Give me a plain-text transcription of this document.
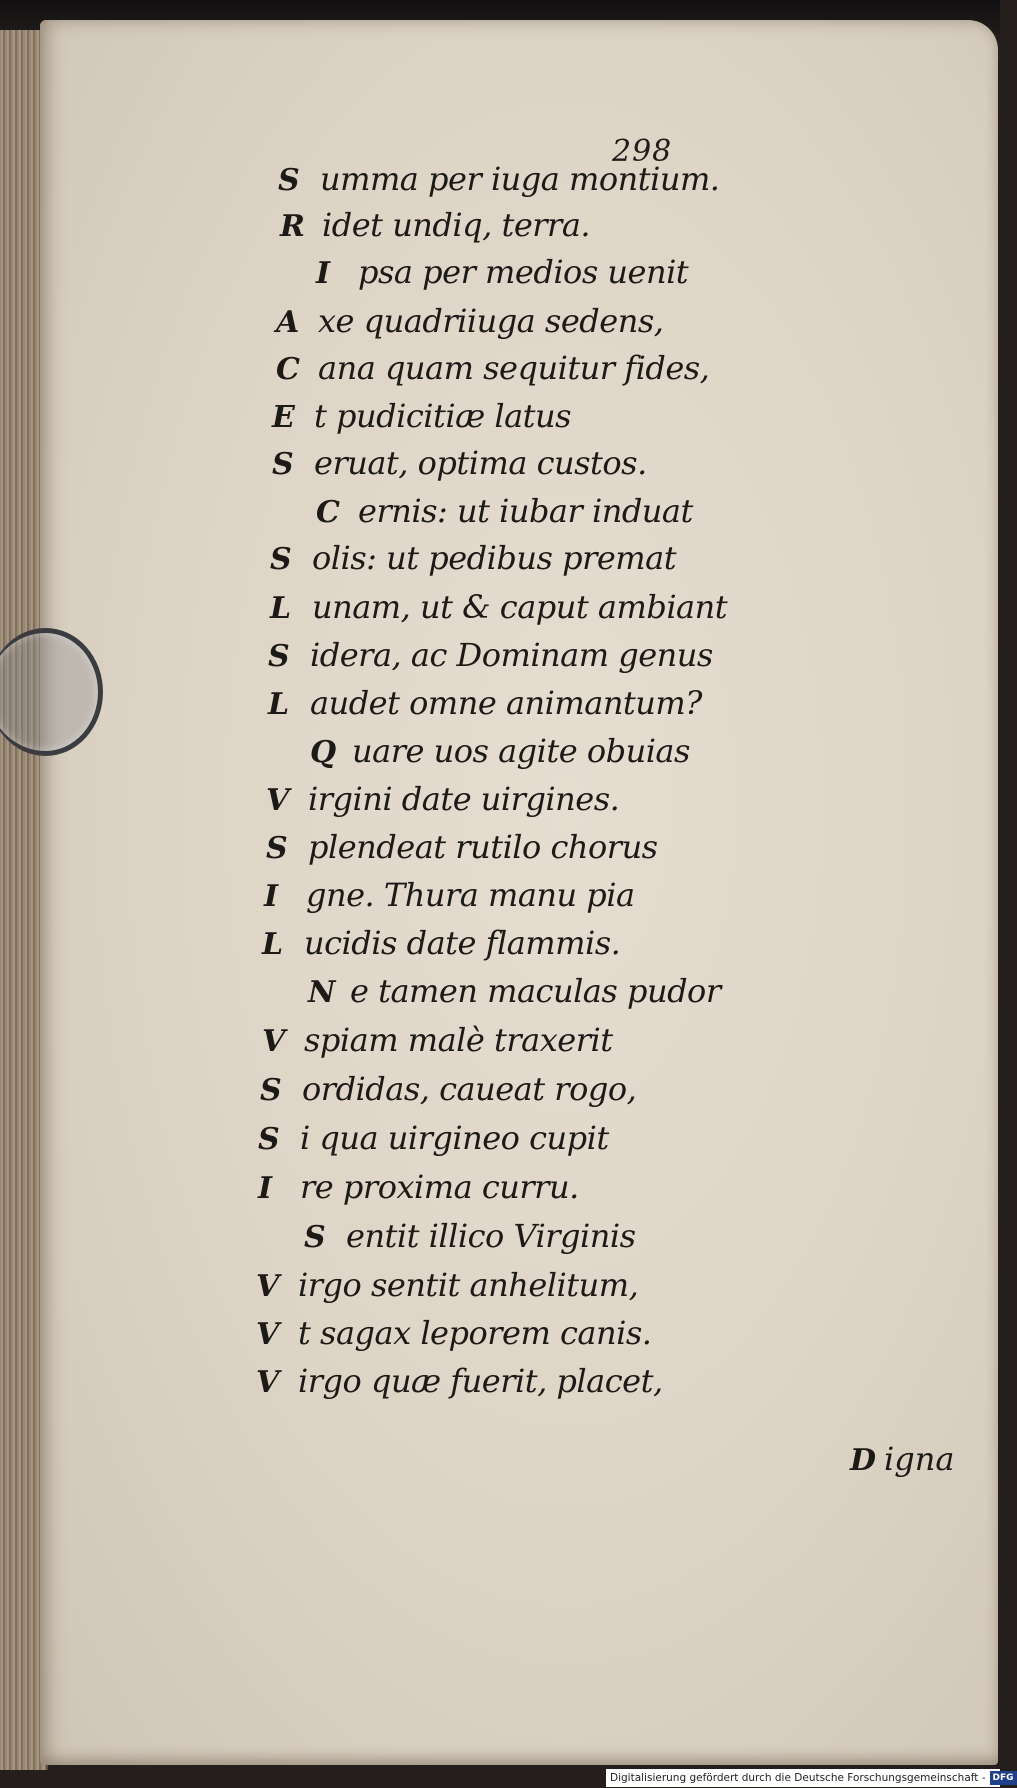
298
S umma per iuga montium.
R idet undiq, terra.
I psa per medios uenit
A xe quadriiuga sedens,
C ana quam sequitur fides,
E t pudicitiæ latus
S eruat, optima custos.
C ernis: ut iubar induat
S olis: ut pedibus premat
L unam, ut & caput ambiant
S idera, ac Dominam genus
L audet omne animantum?
Q uare uos agite obuias
V irgini date uirgines.
S plendeat rutilo chorus
I gne. Thura manu pia
L ucidis date flammis.
N e tamen maculas pudor
V spiam malè traxerit
S ordidas, caueat rogo,
S i qua uirgineo cupit
I re proxima curru.
S entit illico Virginis
V irgo sentit anhelitum,
V t sagax leporem canis.
V irgo quæ fuerit, placet,
D igna
Digitalisierung gefördert durch die Deutsche Forschungsgemeinschaft - DFG
